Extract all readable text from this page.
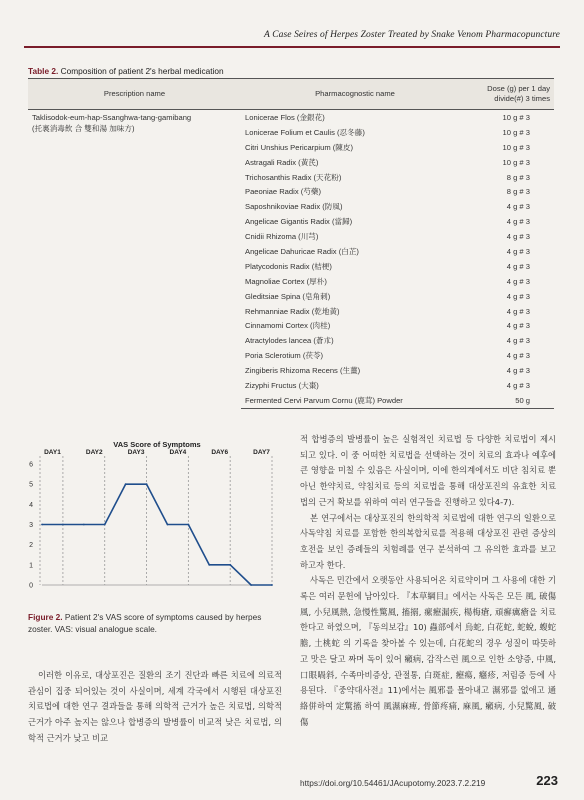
A Case Seires of Herpes Zoster Treated by Snake Venom Pharmacopuncture
Table 2. Composition of patient 2's herbal medication
Prescription name	Pharmacognostic name	Dose (g) per 1 day divide(#) 3 times

Taklisodok-eum-hap-Ssanghwa-tang-gamibang
(托裏消毒飲 合 雙和湯 加味方)	Lonicerae Flos (金銀花)	10 g # 3
	Lonicerae Folium et Caulis (忍冬藤)	10 g # 3
	Citri Unshius Pericarpium (陳皮)	10 g # 3
	Astragali Radix (黃芪)	10 g # 3
	Trichosanthis Radix (天花粉)	8 g # 3
	Paeoniae Radix (芍藥)	8 g # 3
	Saposhnikoviae Radix (防風)	4 g # 3
	Angelicae Gigantis Radix (當歸)	4 g # 3
	Cnidii Rhizoma (川芎)	4 g # 3
	Angelicae Dahuricae Radix (白芷)	4 g # 3
	Platycodonis Radix (桔梗)	4 g # 3
	Magnoliae Cortex (厚朴)	4 g # 3
	Gleditsiae Spina (皂角刺)	4 g # 3
	Rehmanniae Radix (乾地黃)	4 g # 3
	Cinnamomi Cortex (肉桂)	4 g # 3
	Atractylodes lancea (蒼朮)	4 g # 3
	Poria Sclerotium (茯苓)	4 g # 3
	Zingiberis Rhizoma Recens (生薑)	4 g # 3
	Zizyphi Fructus (大棗)	4 g # 3
	Fermented Cervi Parvum Cornu (鹿茸) Powder	50 g
VAS Score of Symptoms
0
1
2
3
4
5
6
DAY1	DAY2	DAY3	DAY4	DAY6	DAY7
Figure 2. Patient 2's VAS score of symptoms caused by herpes zoster. VAS: visual analogue scale.

적 합병증의 발병률이 높은 실험적인 치료법 등 다양한 치료법이 제시되고 있다. 이 중 어떠한 치료법을 선택하는 것이 치료의 효과나 예후에 큰 영향을 미칠 수 있음은 사실이며, 이에 한의계에서도 비단 침치료 뿐 아닌 한약치료, 약침치료 등의 치료법을 통해 대상포진의 유효한 치료법의 근거 확보를 위하여 여러 연구들을 진행하고 있다4-7).

본 연구에서는 대상포진의 한의학적 치료법에 대한 연구의 일환으로 사독약침 치료를 포함한 한의복합치료를 적용해 대상포진 관련 증상의 호전을 보인 증례들의 치험례를 연구 분석하여 그 유의한 효과를 보고하고자 한다.

사독은 민간에서 오랫동안 사용되어온 치료약이며 그 사용에 대한 기록은 여러 문헌에 남아있다. 『本草綱目』에서는 사독은 모든 風, 破傷風, 小兒風熱, 急慢性驚風, 搐搦, 瘰癧漏疾, 楊梅瘡, 頑癬癘瘡을 치료한다고 하였으며, 『동의보감』10) 蟲部에서 烏蛇, 白花蛇, 蛇蛻, 蝮蛇膽, 土桃蛇 의 기록을 찾아볼 수 있는데, 白花蛇의 경우 성질이 따뜻하고 맛은 달고 짜며 독이 있어 癩病, 감작스런 風으로 인한 소양증, 中風, 口眼喎斜, 수족마비증상, 관절통, 白斑症, 癧瘍, 癮疹, 저림증 등에 사용된다. 『중약대사전』11)에서는 風邪를 몰아내고 濕邪를 없애고 通絡併하여 定驚搐 하여 風濕麻痺, 骨節疼痛, 麻風, 癩病, 小兒驚風, 破傷

이러한 이유로, 대상포진은 질환의 조기 진단과 빠른 치료에 의료적 관심이 집중 되어있는 것이 사실이며, 세계 각국에서 시행된 대상포진 치료법에 대한 연구 결과들을 통해 의학적 근거가 높은 치료법, 의학적 근거가 아주 높지는 않으나 합병증의 발병률이 비교적 낮은 치료법, 의학적 근거가 낮고 비교

https://doi.org/10.54461/JAcupotomy.2023.7.2.219	223
